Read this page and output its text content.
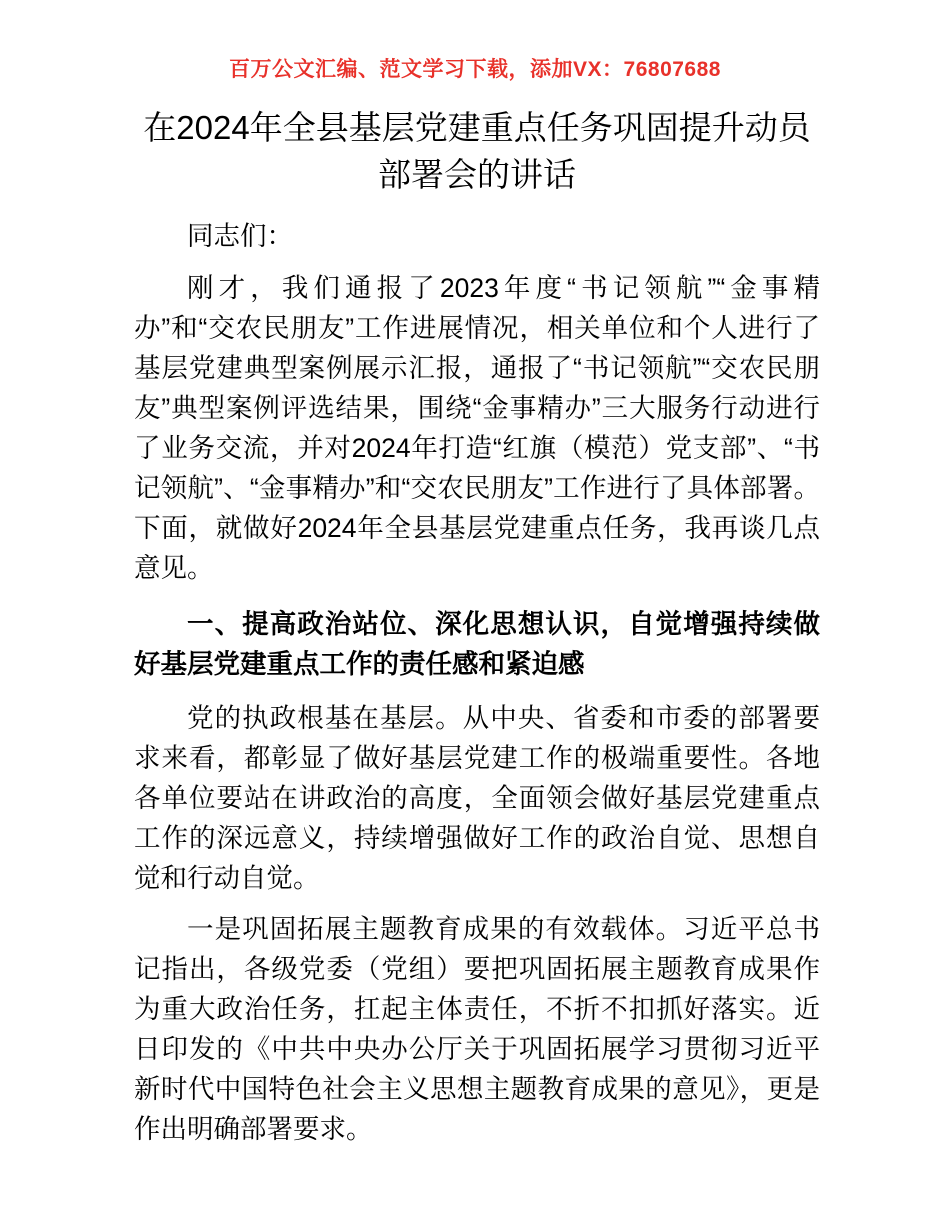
百万公文汇编、范文学习下载，添加VX：76807688
在2024年全县基层党建重点任务巩固提升动员部署会的讲话

同志们：

刚才，我们通报了2023年度“书记领航”“金事精办”和“交农民朋友”工作进展情况，相关单位和个人进行了基层党建典型案例展示汇报，通报了“书记领航”“交农民朋友”典型案例评选结果，围绕“金事精办”三大服务行动进行了业务交流，并对2024年打造“红旗（模范）党支部”、“书记领航”、“金事精办”和“交农民朋友”工作进行了具体部署。下面，就做好2024年全县基层党建重点任务，我再谈几点意见。

一、提高政治站位、深化思想认识，自觉增强持续做好基层党建重点工作的责任感和紧迫感

党的执政根基在基层。从中央、省委和市委的部署要求来看，都彰显了做好基层党建工作的极端重要性。各地各单位要站在讲政治的高度，全面领会做好基层党建重点工作的深远意义，持续增强做好工作的政治自觉、思想自觉和行动自觉。

一是巩固拓展主题教育成果的有效载体。习近平总书记指出，各级党委（党组）要把巩固拓展主题教育成果作为重大政治任务，扛起主体责任，不折不扣抓好落实。近日印发的《中共中央办公厅关于巩固拓展学习贯彻习近平新时代中国特色社会主义思想主题教育成果的意见》，更是作出明确部署要求。
